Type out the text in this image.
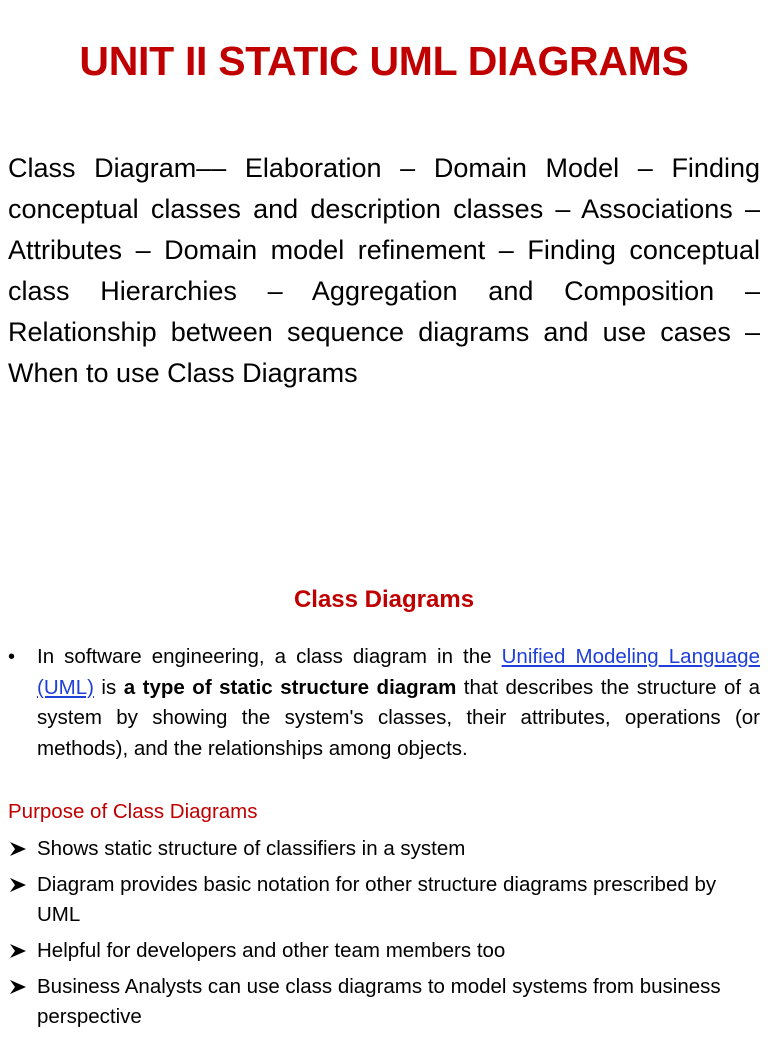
UNIT II STATIC UML DIAGRAMS
Class Diagram–– Elaboration – Domain Model – Finding conceptual classes and description classes – Associations – Attributes – Domain model refinement – Finding conceptual class Hierarchies – Aggregation and Composition – Relationship between sequence diagrams and use cases – When to use Class Diagrams
Class Diagrams
•	In software engineering, a class diagram in the Unified Modeling Language (UML) is a type of static structure diagram that describes the structure of a system by showing the system's classes, their attributes, operations (or methods), and the relationships among objects.
Purpose of Class Diagrams
Shows static structure of classifiers in a system
Diagram provides basic notation for other structure diagrams prescribed by UML
Helpful for developers and other team members too
Business Analysts can use class diagrams to model systems from business perspective
